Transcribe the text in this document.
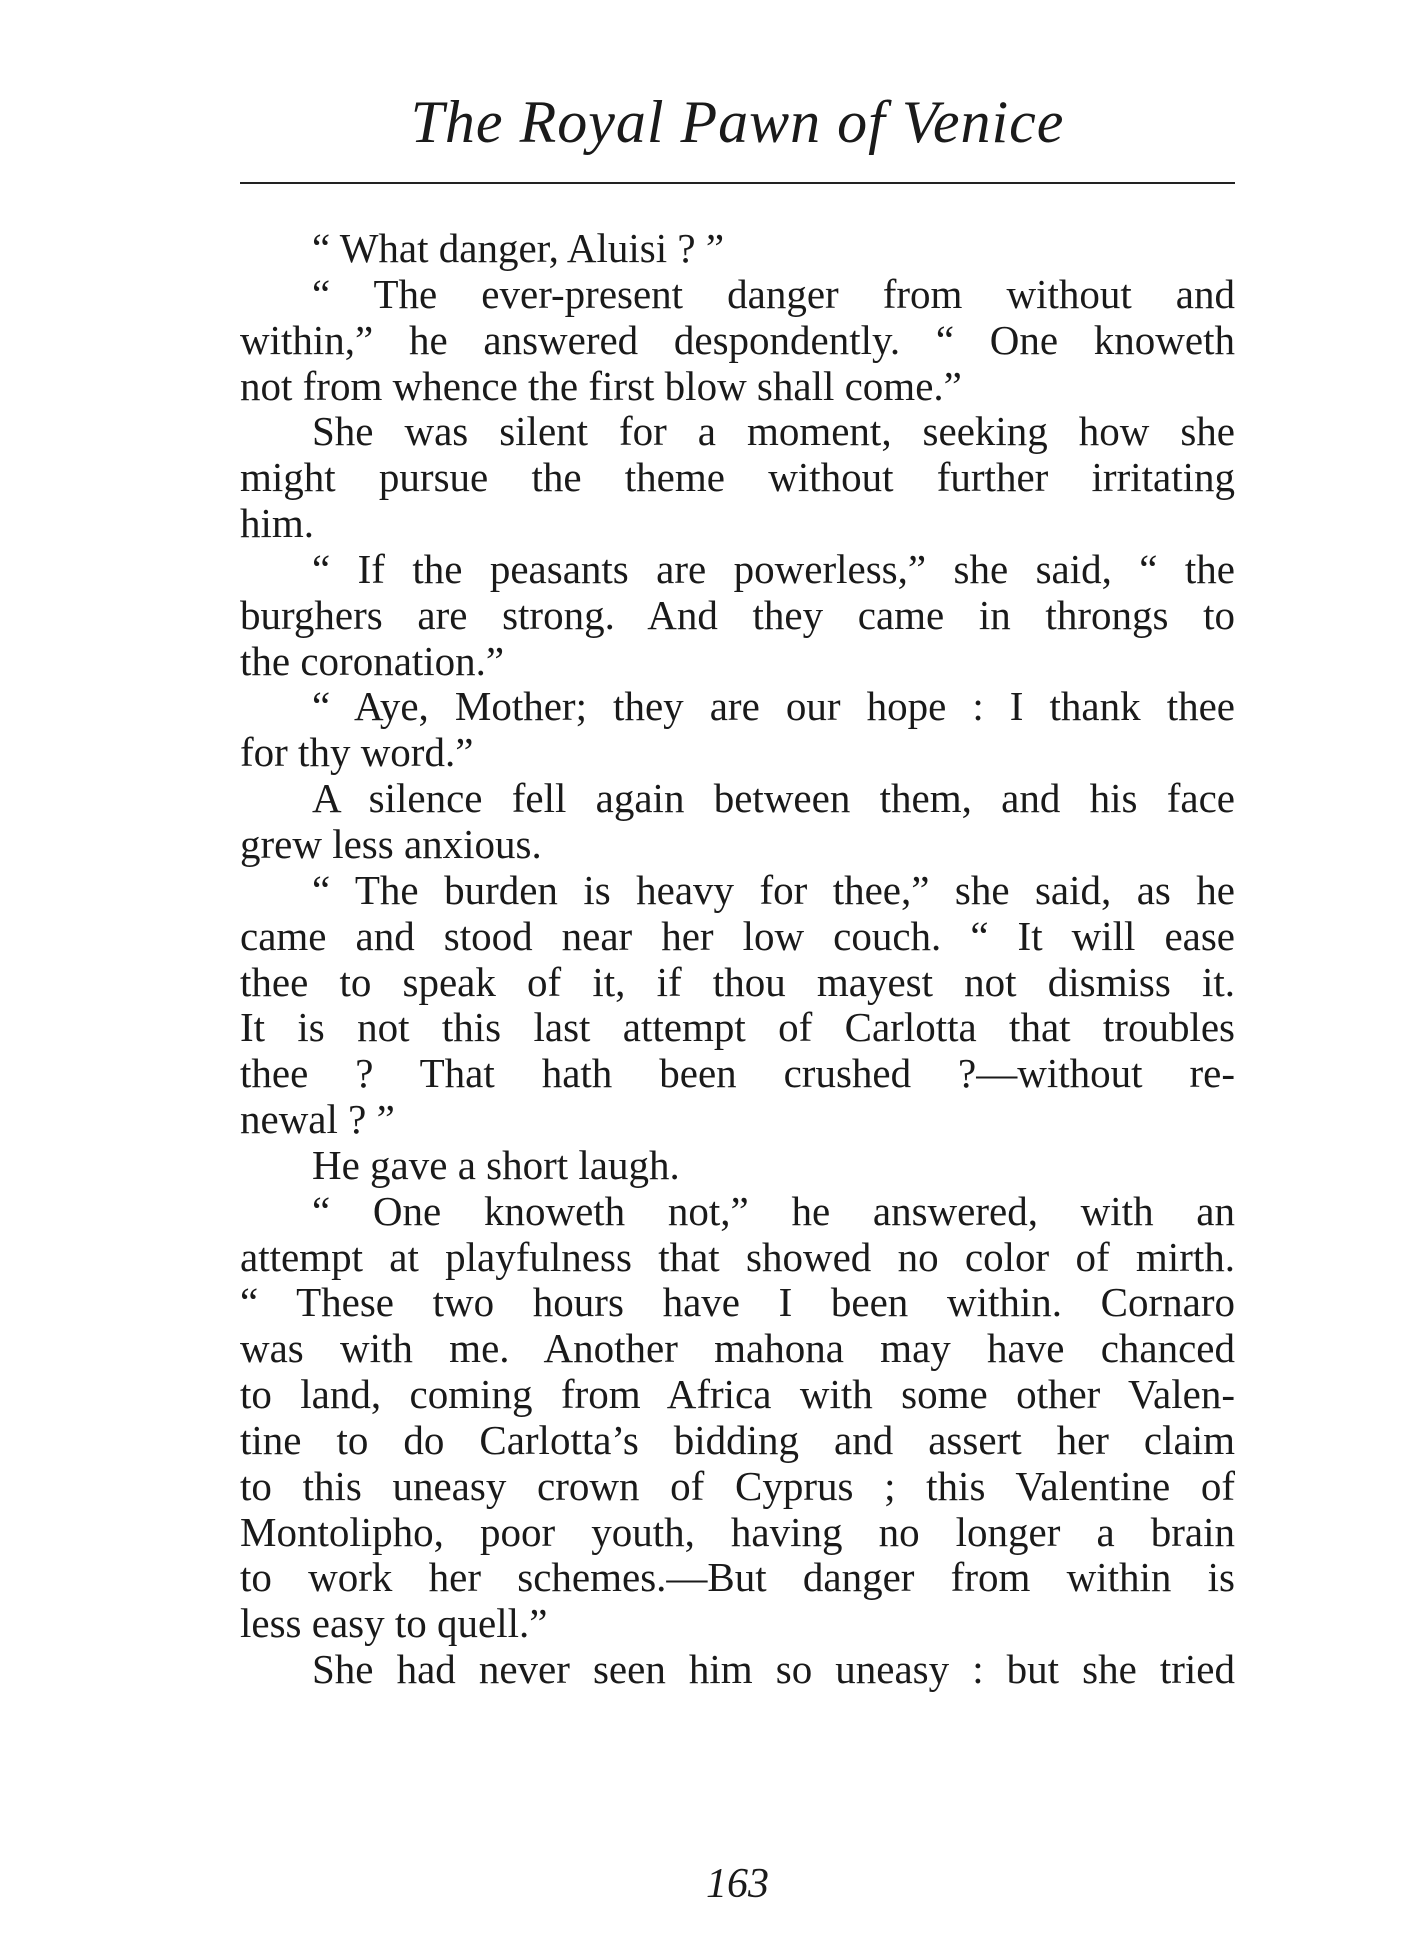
The Royal Pawn of Venice
“ What danger, Aluisi ? ”
“ The ever-present danger from without and
within,” he answered despondently. “ One knoweth
not from whence the first blow shall come.”
She was silent for a moment, seeking how she
might pursue the theme without further irritating
him.
“ If the peasants are powerless,” she said, “ the
burghers are strong. And they came in throngs to
the coronation.”
“ Aye, Mother; they are our hope : I thank thee
for thy word.”
A silence fell again between them, and his face
grew less anxious.
“ The burden is heavy for thee,” she said, as he
came and stood near her low couch. “ It will ease
thee to speak of it, if thou mayest not dismiss it.
It is not this last attempt of Carlotta that troubles
thee ? That hath been crushed ?—without re-
newal ? ”
He gave a short laugh.
“ One knoweth not,” he answered, with an
attempt at playfulness that showed no color of mirth.
“ These two hours have I been within. Cornaro
was with me. Another mahona may have chanced
to land, coming from Africa with some other Valen-
tine to do Carlotta’s bidding and assert her claim
to this uneasy crown of Cyprus ; this Valentine of
Montolipho, poor youth, having no longer a brain
to work her schemes.—But danger from within is
less easy to quell.”
She had never seen him so uneasy : but she tried
163
